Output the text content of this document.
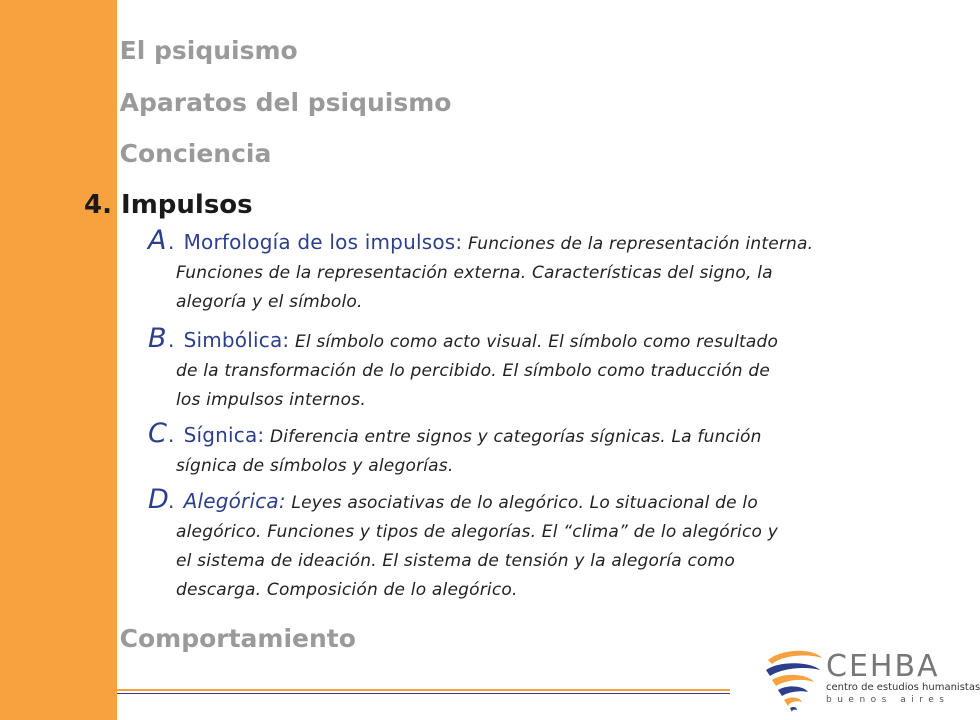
1. El psiquismo
2. Aparatos del psiquismo
3. Conciencia
4. Impulsos
A. Morfología de los impulsos: Funciones de la representación interna.
Funciones de la representación externa. Características del signo, la
alegoría y el símbolo.
B. Simbólica: El símbolo como acto visual. El símbolo como resultado
de la transformación de lo percibido. El símbolo como traducción de
los impulsos internos.
C. Sígnica: Diferencia entre signos y categorías sígnicas. La función
sígnica de símbolos y alegorías.
D. Alegórica: Leyes asociativas de lo alegórico. Lo situacional de lo
alegórico. Funciones y tipos de alegorías. El “clima” de lo alegórico y
el sistema de ideación. El sistema de tensión y la alegoría como
descarga. Composición de lo alegórico.
5. Comportamiento
CEHBA
centro de estudios humanistas
buenos aires
